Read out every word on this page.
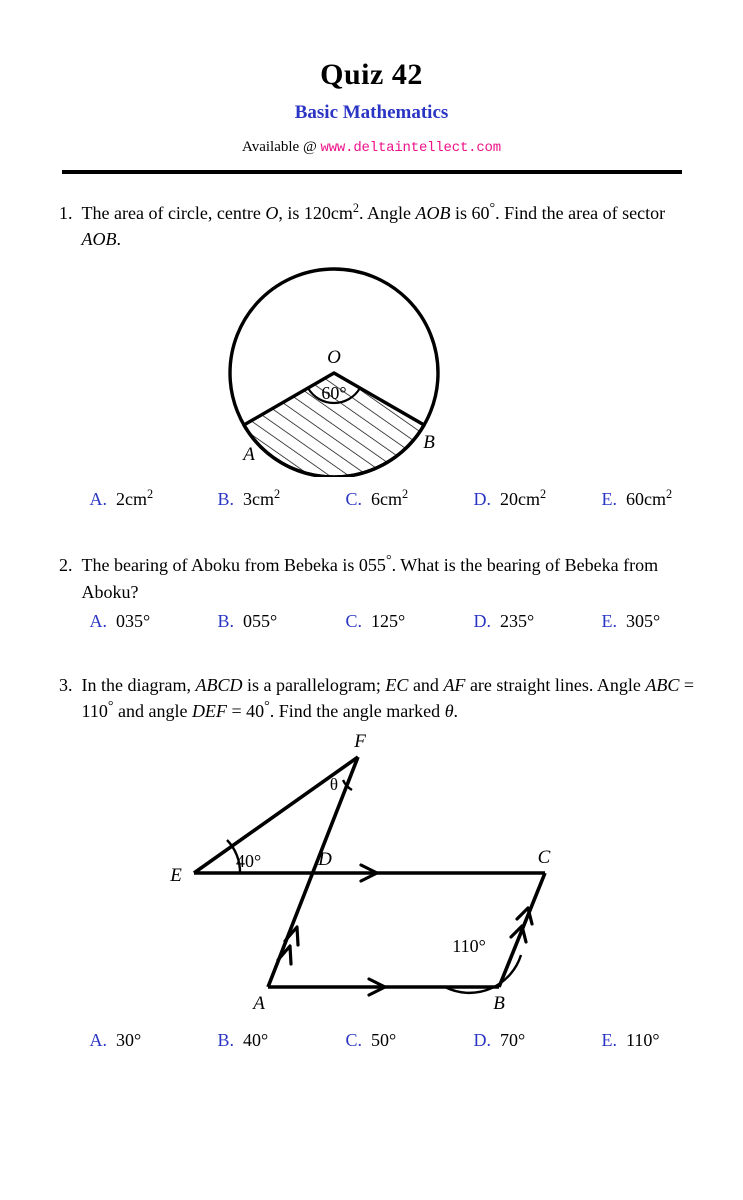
Quiz 42
Basic Mathematics
Available @ www.deltaintellect.com
1. The area of circle, centre O, is $120cm^2$. Angle AOB is 60°. Find the area of sector AOB.
O
60°
A
B
A. $2cm^2$	B. $3cm^2$	C. $6cm^2$	D. $20cm^2$	E. $60cm^2$
2. The bearing of Aboku from Bebeka is 055°. What is the bearing of Bebeka from Aboku?
A. 035°	B. 055°	C. 125°	D. 235°	E. 305°
3. In the diagram, ABCD is a parallelogram; EC and AF are straight lines. Angle ABC = 110° and angle DEF = 40°. Find the angle marked θ.
E
F
D	C
A	B
40°
θ
110°
A. 30°	B. 40°	C. 50°	D. 70°	E. 110°
